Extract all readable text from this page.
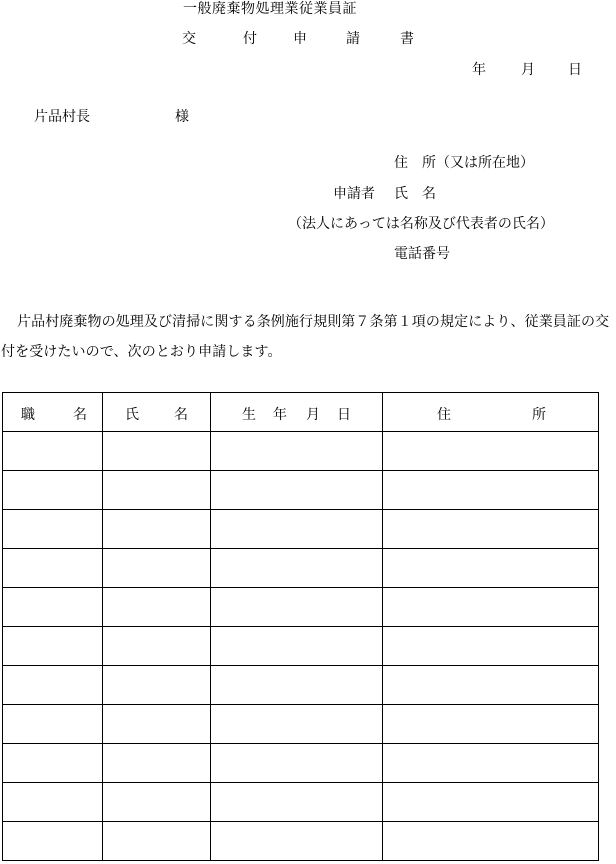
一般廃棄物処理業従業員証
交	付	申	請	書
年	月 日
片品村長	様
住　所（又は所在地）
申請者 氏　名
（法人にあっては名称及び代表者の氏名）
電話番号
片品村廃棄物の処理及び清掃に関する条例施行規則第７条第１項の規定により、従業員証の交付を受けたいので、次のとおり申請します。
職 名	氏 名	生 年 月 日	住 所
